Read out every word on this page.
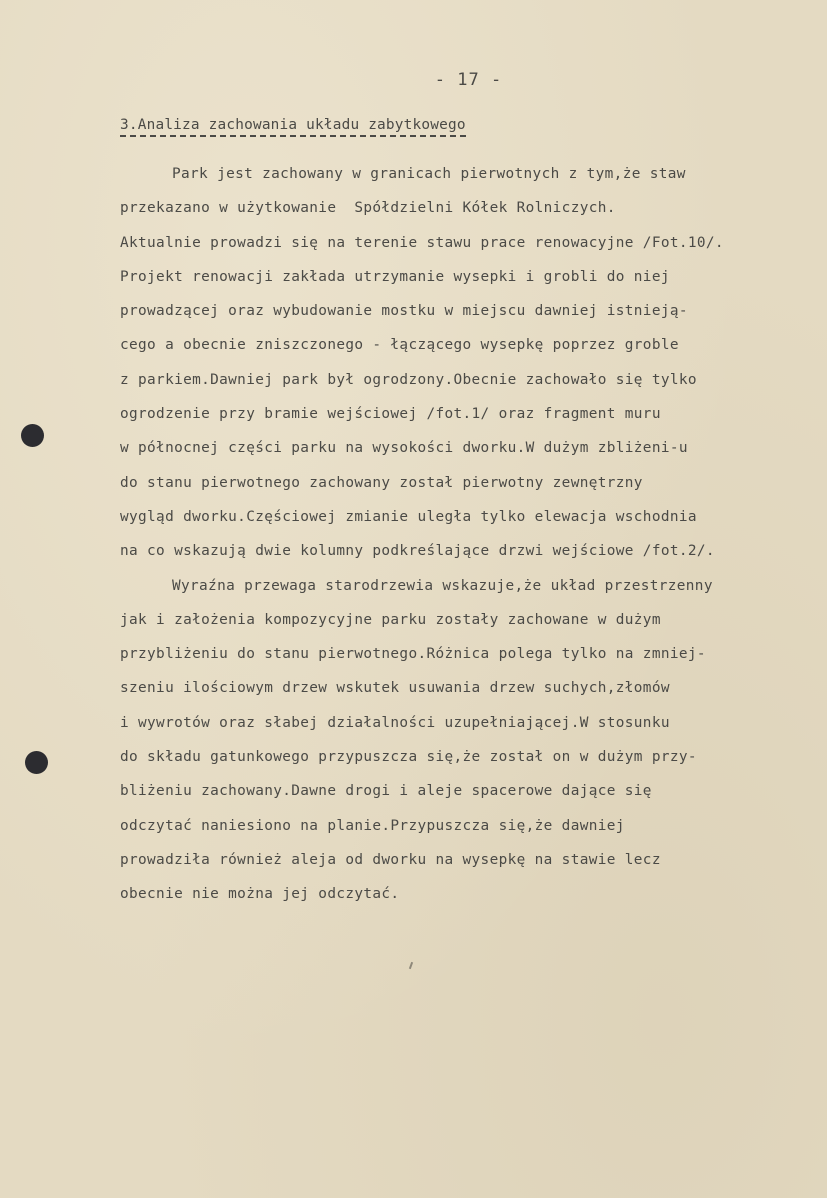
- 17 -
3.Analiza zachowania układu zabytkowego
Park jest zachowany w granicach pierwotnych z tym,że staw
przekazano w użytkowanie  Spółdzielni Kółek Rolniczych.
Aktualnie prowadzi się na terenie stawu prace renowacyjne /Fot.10/.
Projekt renowacji zakłada utrzymanie wysepki i grobli do niej
prowadzącej oraz wybudowanie mostku w miejscu dawniej istnieją-
cego a obecnie zniszczonego - łączącego wysepkę poprzez groble
z parkiem.Dawniej park był ogrodzony.Obecnie zachowało się tylko
ogrodzenie przy bramie wejściowej /fot.1/ oraz fragment muru
w północnej części parku na wysokości dworku.W dużym zbliżeni-u
do stanu pierwotnego zachowany został pierwotny zewnętrzny
wygląd dworku.Częściowej zmianie uległa tylko elewacja wschodnia
na co wskazują dwie kolumny podkreślające drzwi wejściowe /fot.2/.
Wyraźna przewaga starodrzewia wskazuje,że układ przestrzenny
jak i założenia kompozycyjne parku zostały zachowane w dużym
przybliżeniu do stanu pierwotnego.Różnica polega tylko na zmniej-
szeniu ilościowym drzew wskutek usuwania drzew suchych,złomów
i wywrotów oraz słabej działalności uzupełniającej.W stosunku
do składu gatunkowego przypuszcza się,że został on w dużym przy-
bliżeniu zachowany.Dawne drogi i aleje spacerowe dające się
odczytać naniesiono na planie.Przypuszcza się,że dawniej
prowadziła również aleja od dworku na wysepkę na stawie lecz
obecnie nie można jej odczytać.
